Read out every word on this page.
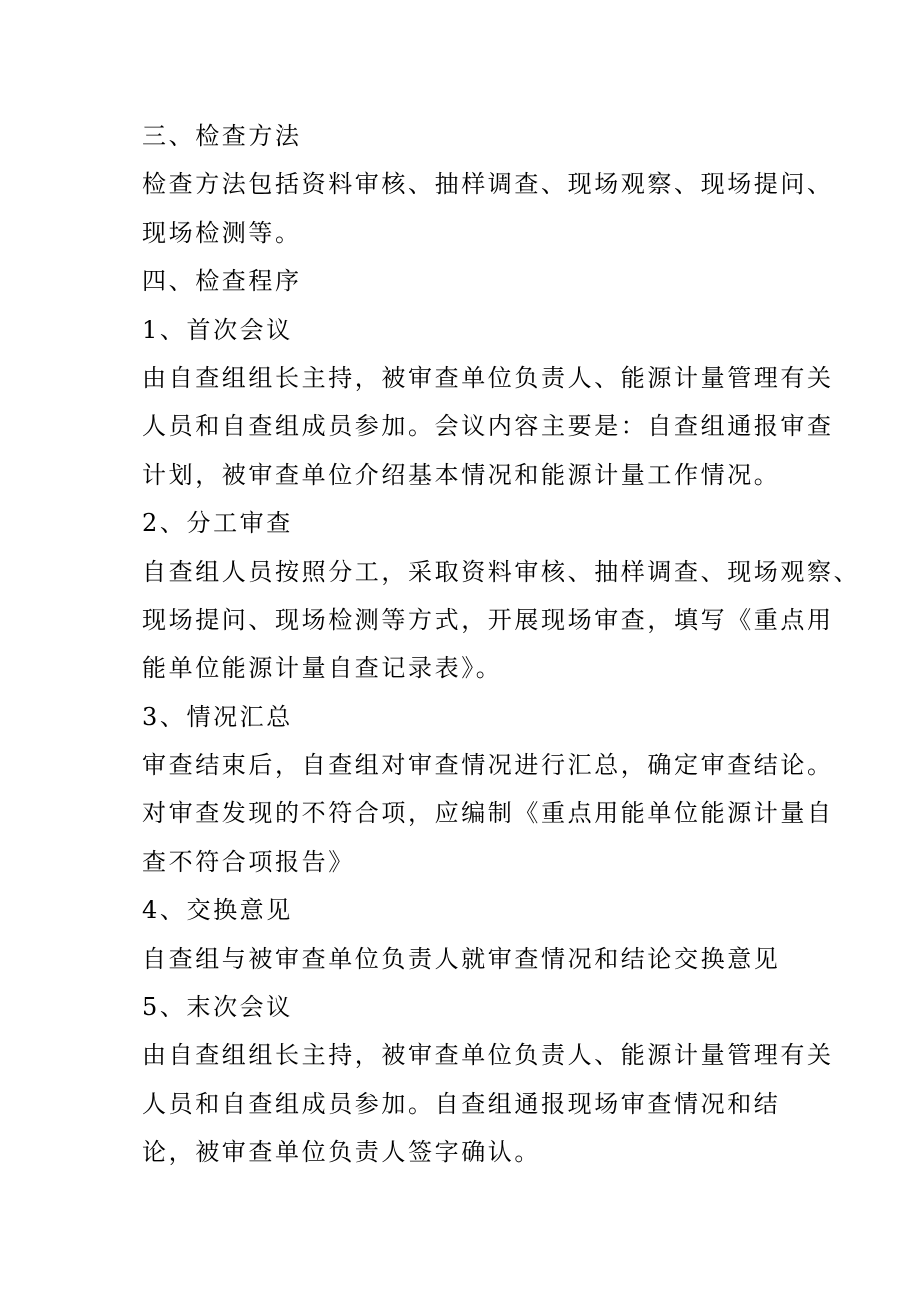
三、检查方法
检查方法包括资料审核、抽样调查、现场观察、现场提问、
现场检测等。
四、检查程序
1、首次会议
由自查组组长主持，被审查单位负责人、能源计量管理有关
人员和自查组成员参加。会议内容主要是：自查组通报审查
计划，被审查单位介绍基本情况和能源计量工作情况。
2、分工审查
自查组人员按照分工，采取资料审核、抽样调查、现场观察、
现场提问、现场检测等方式，开展现场审查，填写《重点用
能单位能源计量自查记录表》。
3、情况汇总
审查结束后，自查组对审查情况进行汇总，确定审查结论。
对审查发现的不符合项，应编制《重点用能单位能源计量自
查不符合项报告》
4、交换意见
自查组与被审查单位负责人就审查情况和结论交换意见
5、末次会议
由自查组组长主持，被审查单位负责人、能源计量管理有关
人员和自查组成员参加。自查组通报现场审查情况和结
论，被审查单位负责人签字确认。
